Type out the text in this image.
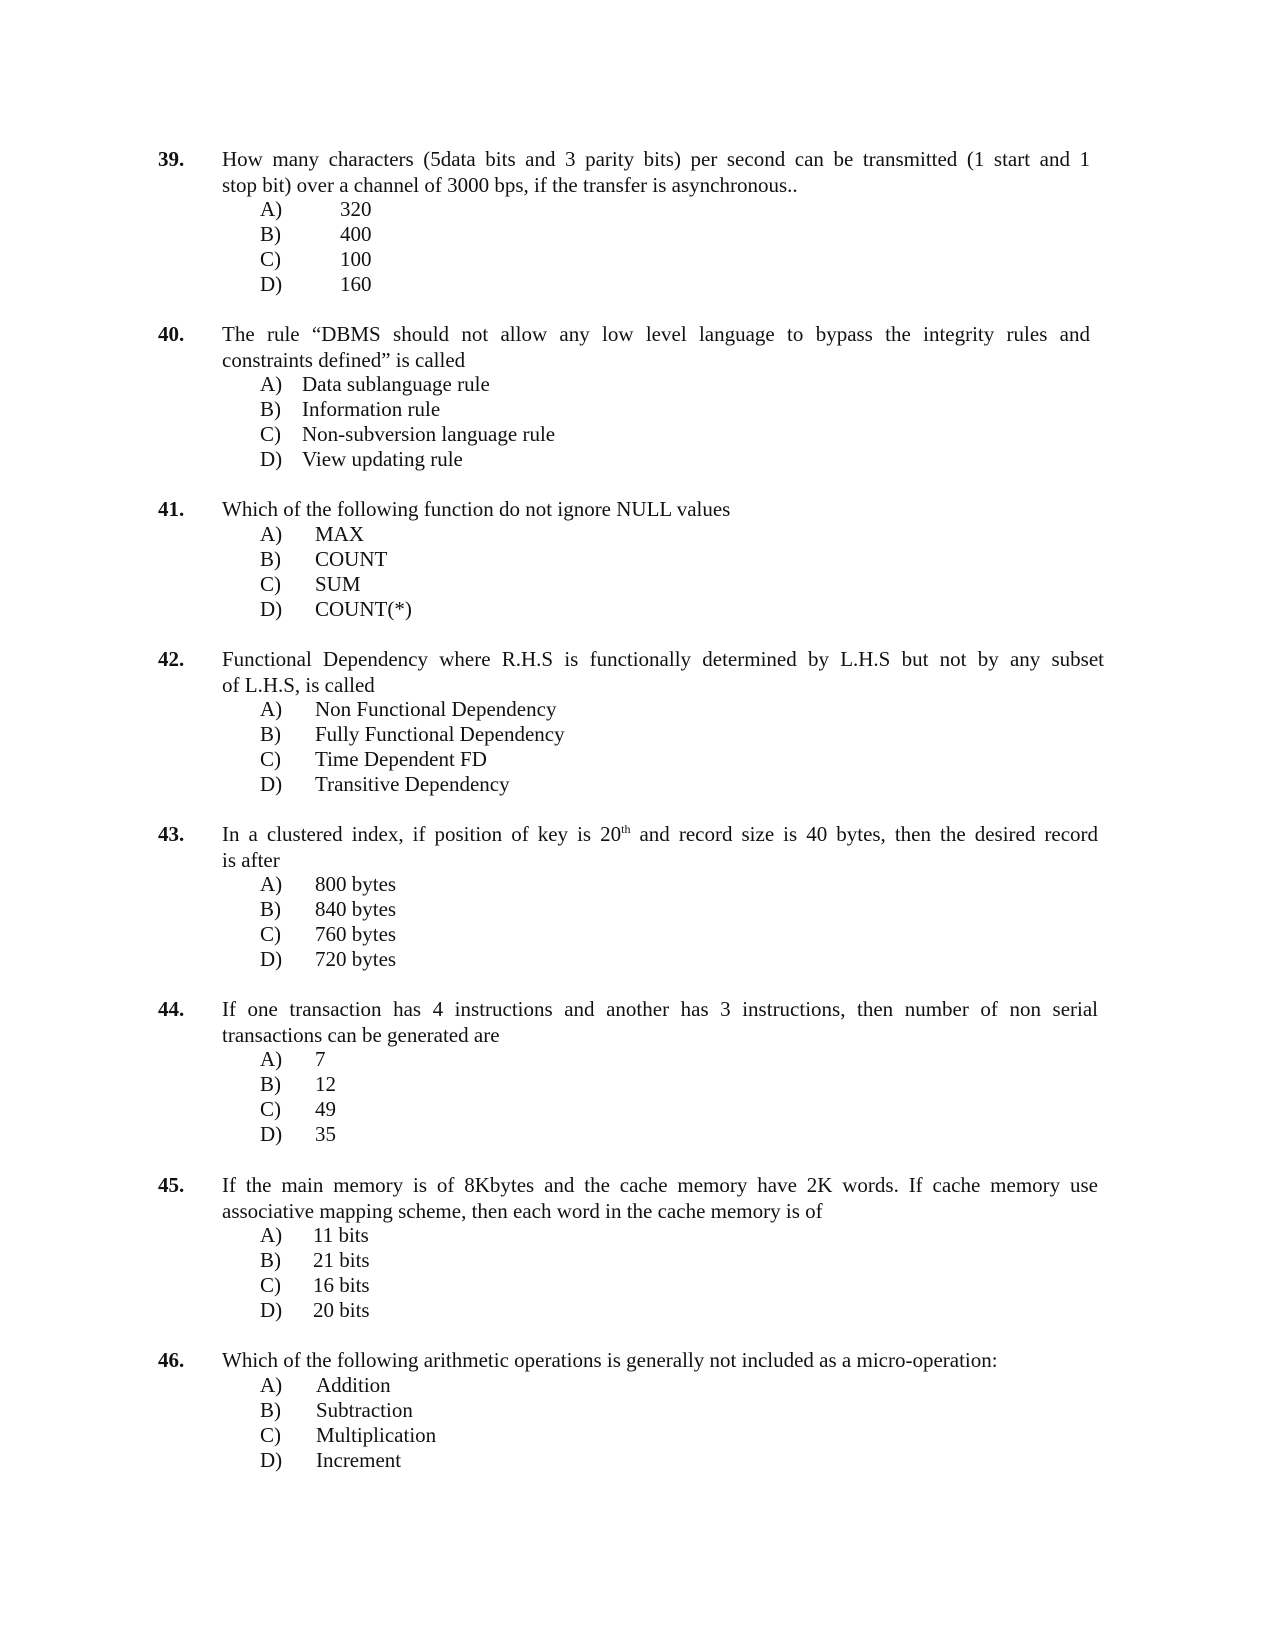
39. How many characters (5data bits and 3 parity bits) per second can be transmitted (1 start and 1
stop bit) over a channel of 3000 bps, if the transfer is asynchronous..
A)	320
B)	400
C)	100
D)	160
40. The rule “DBMS should not allow any low level language to bypass the integrity rules and
constraints defined” is called
A) Data sublanguage rule
B) Information rule
C) Non-subversion language rule
D) View updating rule
41. Which of the following function do not ignore NULL values
A) MAX
B) COUNT
C) SUM
D) COUNT(*)
42. Functional Dependency where R.H.S is functionally determined by L.H.S but not by any subset
of L.H.S, is called
A) Non Functional Dependency
B) Fully Functional Dependency
C) Time Dependent FD
D) Transitive Dependency
43. In a clustered index, if position of key is 20th and record size is 40 bytes, then the desired record
is after
A) 800 bytes
B) 840 bytes
C) 760 bytes
D) 720 bytes
44. If one transaction has 4 instructions and another has 3 instructions, then number of non serial
transactions can be generated are
A) 7
B) 12
C) 49
D) 35
45. If the main memory is of 8Kbytes and the cache memory have 2K words. If cache memory use
associative mapping scheme, then each word in the cache memory is of
A) 11 bits
B) 21 bits
C) 16 bits
D) 20 bits
46. Which of the following arithmetic operations is generally not included as a micro-operation:
A) Addition
B) Subtraction
C) Multiplication
D) Increment
